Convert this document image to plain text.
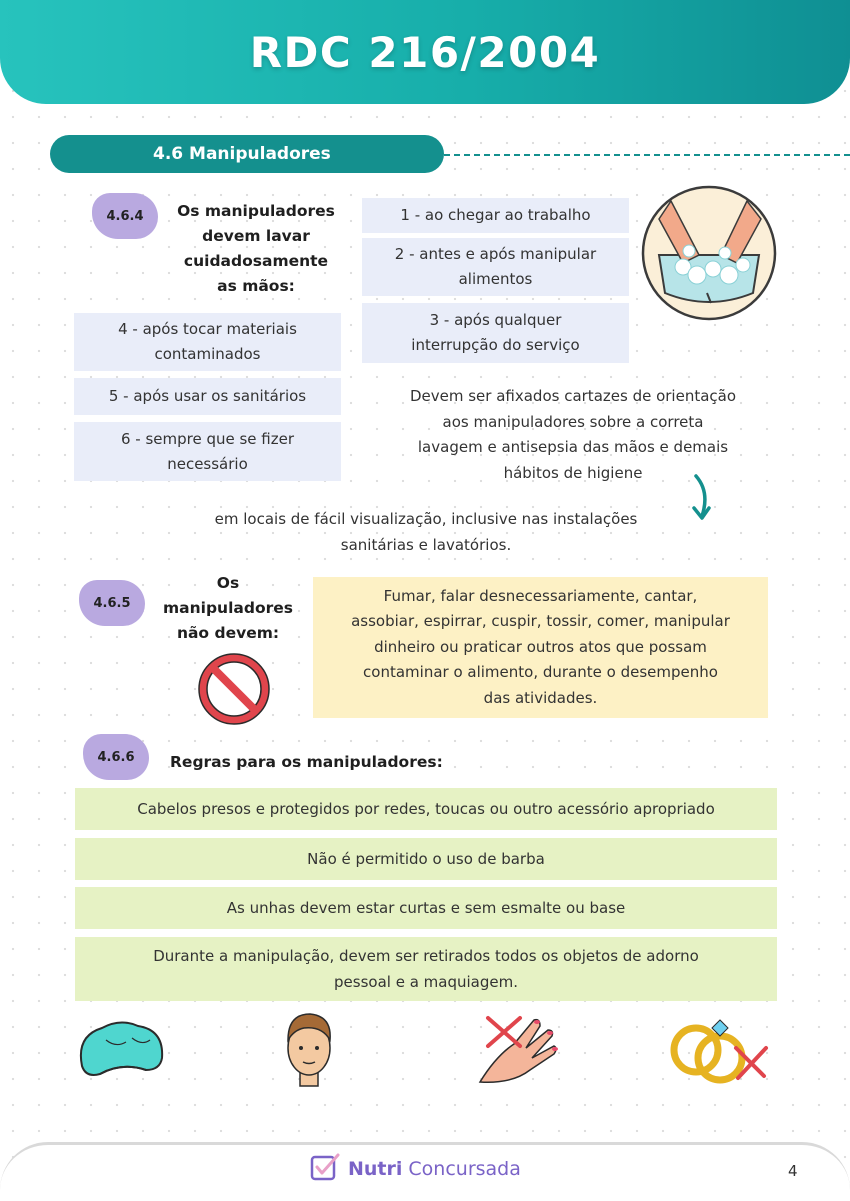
RDC 216/2004
4.6 Manipuladores
4.6.4	Os manipuladores
devem lavar
cuidadosamente
as mãos:
1 - ao chegar ao trabalho
2 - antes e após manipular
alimentos
3 - após qualquer
interrupção do serviço
4 - após tocar materiais
contaminados
5 - após usar os sanitários
6 - sempre que se fizer
necessário
Devem ser afixados cartazes de orientação
aos manipuladores sobre a correta
lavagem e antisepsia das mãos e demais
hábitos de higiene
em locais de fácil visualização, inclusive nas instalações
sanitárias e lavatórios.
4.6.5
Os
manipuladores
não devem:
Fumar, falar desnecessariamente, cantar,
assobiar, espirrar, cuspir, tossir, comer, manipular
dinheiro ou praticar outros atos que possam
contaminar o alimento, durante o desempenho
das atividades.
4.6.6 Regras para os manipuladores:
Cabelos presos e protegidos por redes, toucas ou outro acessório apropriado
Não é permitido o uso de barba
As unhas devem estar curtas e sem esmalte ou base
Durante a manipulação, devem ser retirados todos os objetos de adorno
pessoal e a maquiagem.
Nutri Concursada	4
